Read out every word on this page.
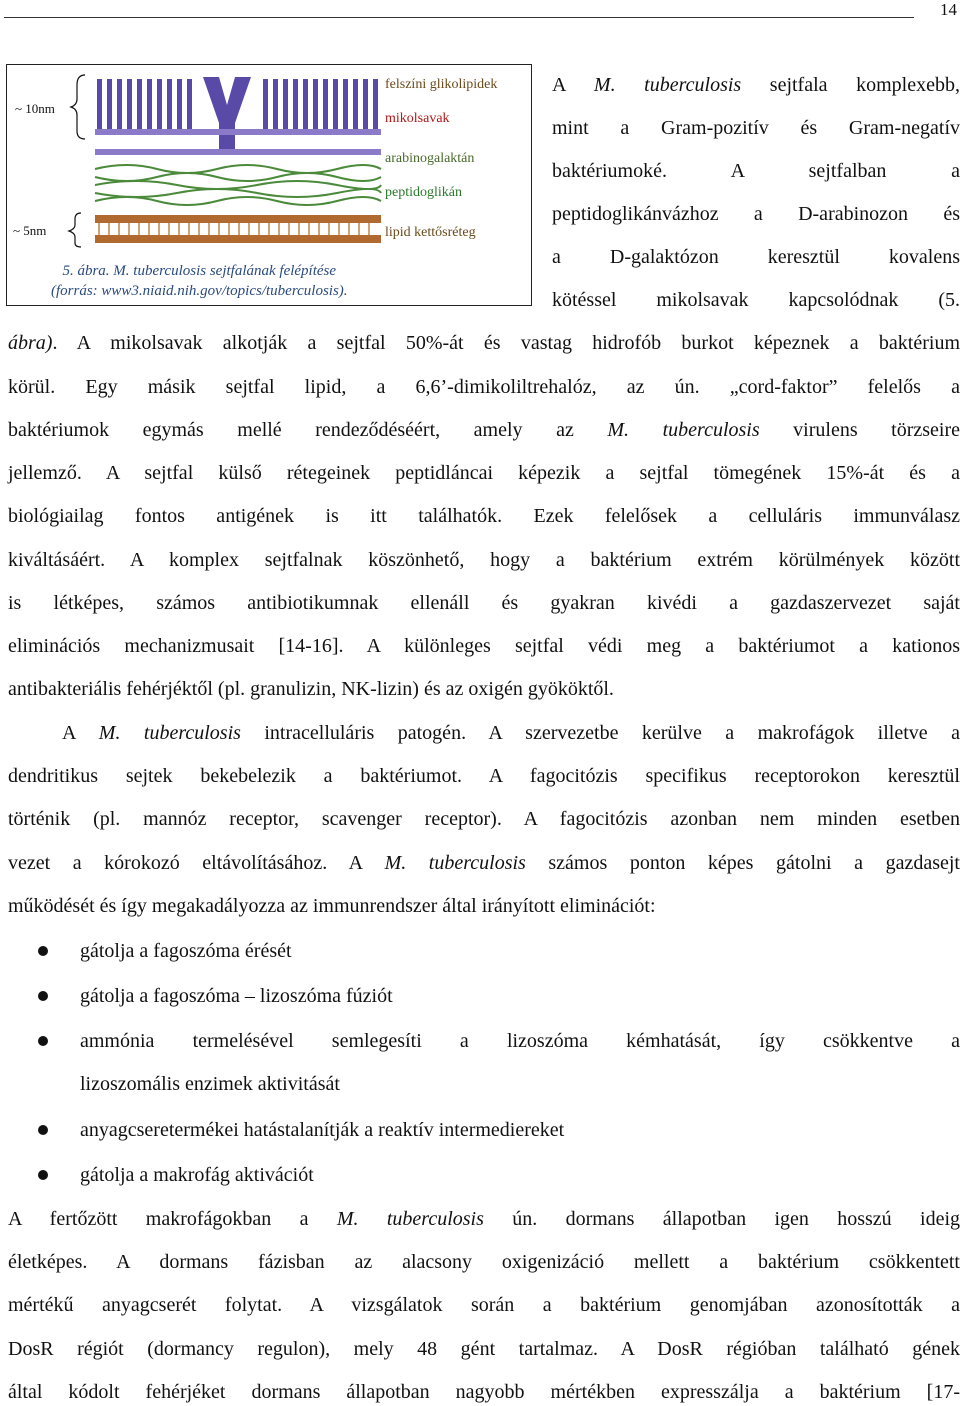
14
~ 10nm
~ 5nm
felszíni glikolipidek
mikolsavak
arabinogalaktán
peptidoglikán
lipid kettősréteg
5. ábra. M. tuberculosis sejtfalának felépítése
(forrás: www3.niaid.nih.gov/topics/tuberculosis).
A M. tuberculosis sejtfala komplexebb,
mint a Gram-pozitív és Gram-negatív
baktériumoké. A sejtfalban a
peptidoglikánvázhoz a D-arabinozon és
a D-galaktózon keresztül kovalens
kötéssel mikolsavak kapcsolódnak (5.
ábra). A mikolsavak alkotják a sejtfal 50%-át és vastag hidrofób burkot képeznek a baktérium
körül. Egy másik sejtfal lipid, a 6,6’-dimikoliltrehalóz, az ún. „cord-faktor” felelős a
baktériumok egymás mellé rendeződéséért, amely az M. tuberculosis virulens törzseire
jellemző. A sejtfal külső rétegeinek peptidláncai képezik a sejtfal tömegének 15%-át és a
biológiailag fontos antigének is itt találhatók. Ezek felelősek a celluláris immunválasz
kiváltásáért. A komplex sejtfalnak köszönhető, hogy a baktérium extrém körülmények között
is létképes, számos antibiotikumnak ellenáll és gyakran kivédi a gazdaszervezet saját
eliminációs mechanizmusait [14-16]. A különleges sejtfal védi meg a baktériumot a kationos
antibakteriális fehérjéktől (pl. granulizin, NK-lizin) és az oxigén gyököktől.
A M. tuberculosis intracelluláris patogén. A szervezetbe kerülve a makrofágok illetve a
dendritikus sejtek bekebelezik a baktériumot. A fagocitózis specifikus receptorokon keresztül
történik (pl. mannóz receptor, scavenger receptor). A fagocitózis azonban nem minden esetben
vezet a kórokozó eltávolításához. A M. tuberculosis számos ponton képes gátolni a gazdasejt
működését és így megakadályozza az immunrendszer által irányított eliminációt:
gátolja a fagoszóma érését
gátolja a fagoszóma – lizoszóma fúziót
ammónia termelésével semlegesíti a lizoszóma kémhatását, így csökkentve a
lizoszomális enzimek aktivitását
anyagcseretermékei hatástalanítják a reaktív intermediereket
gátolja a makrofág aktivációt
A fertőzött makrofágokban a M. tuberculosis ún. dormans állapotban igen hosszú ideig
életképes. A dormans fázisban az alacsony oxigenizáció mellett a baktérium csökkentett
mértékű anyagcserét folytat. A vizsgálatok során a baktérium genomjában azonosították a
DosR régiót (dormancy regulon), mely 48 gént tartalmaz. A DosR régióban található gének
által kódolt fehérjéket dormans állapotban nagyobb mértékben expresszálja a baktérium [17-
